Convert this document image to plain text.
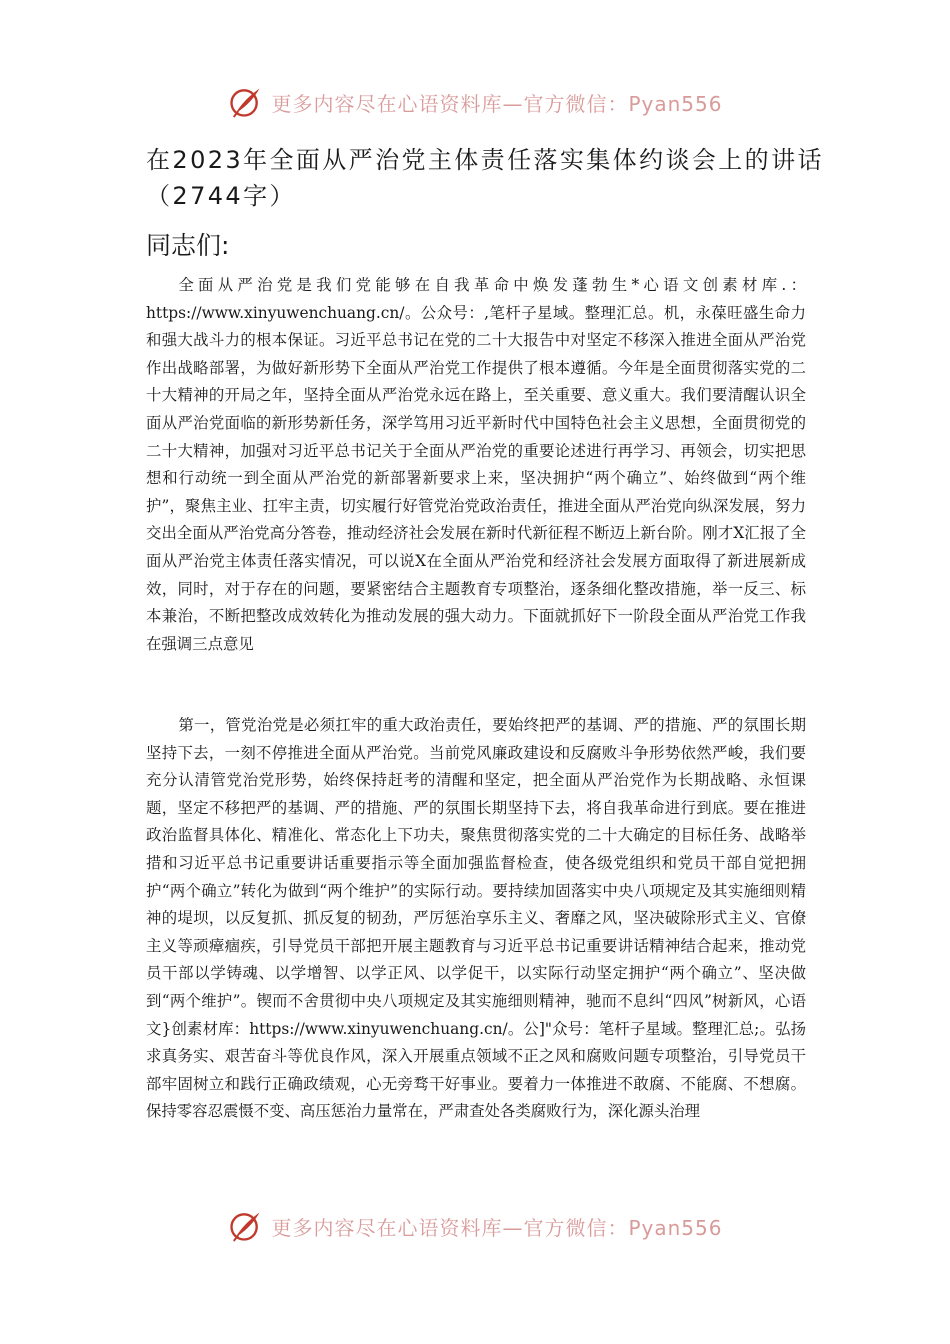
更多内容尽在心语资料库—官方微信：Pyan556
在2023年全面从严治党主体责任落实集体约谈会上的讲话（2744字）
同志们:

全面从严治党是我们党能够在自我革命中焕发蓬勃生*心语文创素材库.：https://www.xinyuwenchuang.cn/。公众号：,笔杆子星域。整理汇总。机，永葆旺盛生命力和强大战斗力的根本保证。习近平总书记在党的二十大报告中对坚定不移深入推进全面从严治党作出战略部署，为做好新形势下全面从严治党工作提供了根本遵循。今年是全面贯彻落实党的二十大精神的开局之年，坚持全面从严治党永远在路上，至关重要、意义重大。我们要清醒认识全面从严治党面临的新形势新任务，深学笃用习近平新时代中国特色社会主义思想，全面贯彻党的二十大精神，加强对习近平总书记关于全面从严治党的重要论述进行再学习、再领会，切实把思想和行动统一到全面从严治党的新部署新要求上来，坚决拥护“两个确立”、始终做到“两个维护”，聚焦主业、扛牢主责，切实履行好管党治党政治责任，推进全面从严治党向纵深发展，努力交出全面从严治党高分答卷，推动经济社会发展在新时代新征程不断迈上新台阶。刚才X汇报了全面从严治党主体责任落实情况，可以说X在全面从严治党和经济社会发展方面取得了新进展新成效，同时，对于存在的问题，要紧密结合主题教育专项整治，逐条细化整改措施，举一反三、标本兼治，不断把整改成效转化为推动发展的强大动力。下面就抓好下一阶段全面从严治党工作我在强调三点意见

第一，管党治党是必须扛牢的重大政治责任，要始终把严的基调、严的措施、严的氛围长期坚持下去，一刻不停推进全面从严治党。当前党风廉政建设和反腐败斗争形势依然严峻，我们要充分认清管党治党形势，始终保持赶考的清醒和坚定，把全面从严治党作为长期战略、永恒课题，坚定不移把严的基调、严的措施、严的氛围长期坚持下去，将自我革命进行到底。要在推进政治监督具体化、精准化、常态化上下功夫，聚焦贯彻落实党的二十大确定的目标任务、战略举措和习近平总书记重要讲话重要指示等全面加强监督检查，使各级党组织和党员干部自觉把拥护“两个确立”转化为做到“两个维护”的实际行动。要持续加固落实中央八项规定及其实施细则精神的堤坝，以反复抓、抓反复的韧劲，严厉惩治享乐主义、奢靡之风，坚决破除形式主义、官僚主义等顽瘴痼疾，引导党员干部把开展主题教育与习近平总书记重要讲话精神结合起来，推动党员干部以学铸魂、以学增智、以学正风、以学促干，以实际行动坚定拥护“两个确立”、坚决做到“两个维护”。锲而不舍贯彻中央八项规定及其实施细则精神，驰而不息纠“四风”树新风，心语文}创素材库：https://www.xinyuwenchuang.cn/。公]"众号：笔杆子星域。整理汇总;。弘扬求真务实、艰苦奋斗等优良作风，深入开展重点领域不正之风和腐败问题专项整治，引导党员干部牢固树立和践行正确政绩观，心无旁骛干好事业。要着力一体推进不敢腐、不能腐、不想腐。保持零容忍震慑不变、高压惩治力量常在，严肃查处各类腐败行为，深化源头治理

更多内容尽在心语资料库—官方微信：Pyan556
